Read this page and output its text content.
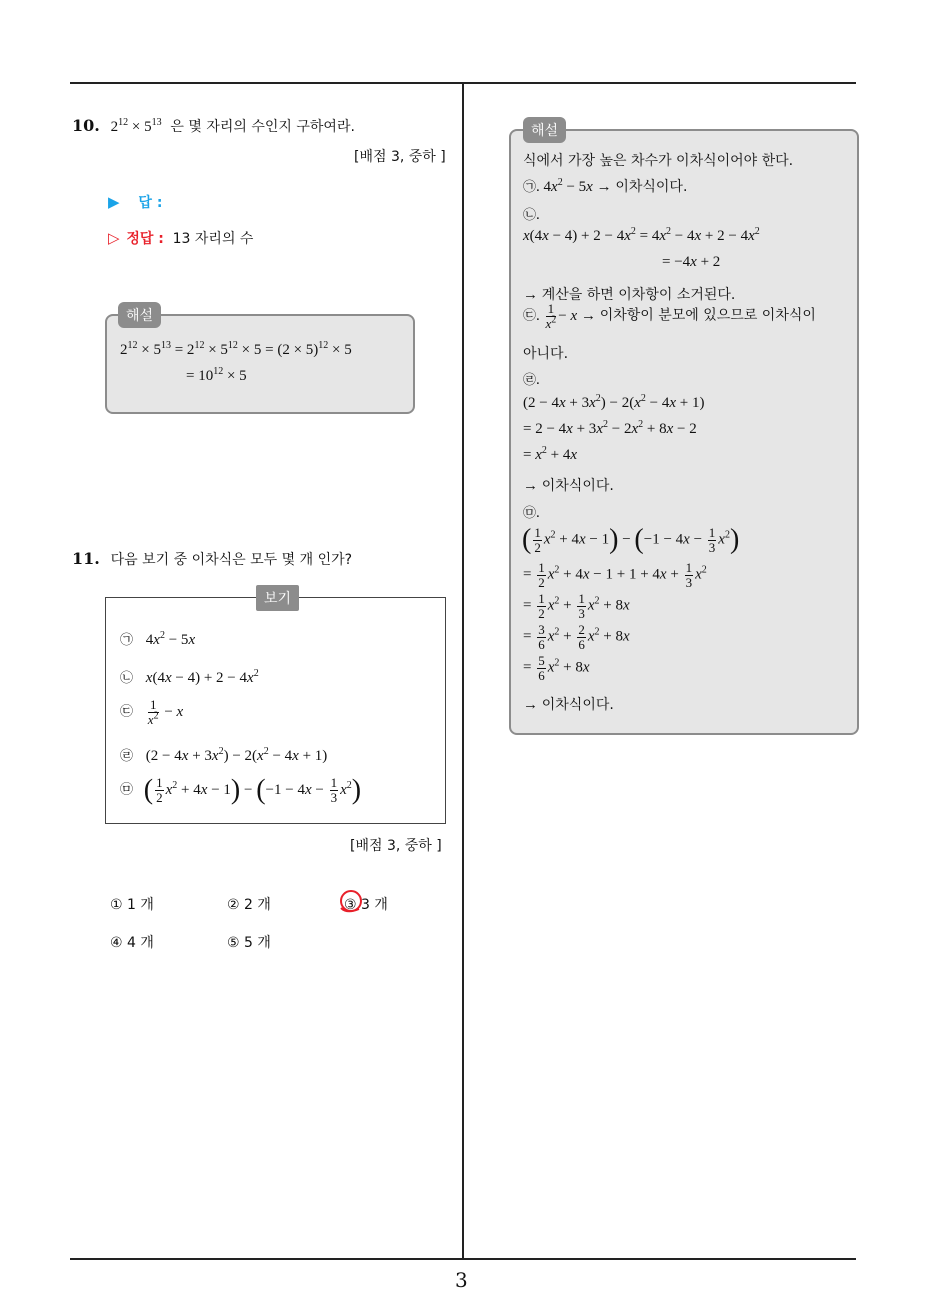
3
10. $2^{12} \times 5^{13}$ 은 몇 자리의 수인지 구하여라.
[배점 3, 중하 ]
▶ 답 :
▷ 정답 : 13 자리의 수
해설
$2^{12} \times 5^{13} = 2^{12} \times 5^{12} \times 5 = (2 \times 5)^{12} \times 5$
= $10^{12} \times 5$
11. 다음 보기 중 이차식은 모두 몇 개 인가?
보기
㉠ $4x^2 - 5x$
㉡ $x(4x - 4) + 2 - 4x^2$
㉢ $\frac{1}{x^2} - x$
㉣ $(2 - 4x + 3x^2) - 2(x^2 - 4x + 1)$
㉤ ( $\frac{1}{2} x^2 + 4x - 1) - (-1 - 4x - \frac{1}{3} x^2)$
[배점 3, 중하 ]
① 1 개	② 2 개	③ 3 개
④ 4 개	⑤ 5 개
해설
식에서 가장 높은 차수가 이차식이어야 한다.
㉠. $4x^2 - 5x$ → 이차식이다.
㉡.
$x(4x - 4) + 2 - 4x^2 = 4x^2 - 4x + 2 - 4x^2$
= −4x + 2
→ 계산을 하면 이차항이 소거된다.
㉢. $\frac{1}{x^2} - x$ → 이차항이 분모에 있으므로 이차식이
아니다.
㉣.
$(2 - 4x + 3x^2) - 2(x^2 - 4x + 1)$
= $2 - 4x + 3x^2 - 2x^2 + 8x - 2$
= $x^2 + 4x$
→ 이차식이다.
㉤.
( $\frac{1}{2} x^2 + 4x - 1) - (-1 - 4x - \frac{1}{3} x^2)$
= $\frac{1}{2} x^2 + 4x - 1 + 1 + 4x + \frac{1}{3} x^2$
= $\frac{1}{2} x^2 + \frac{1}{3} x^2 + 8x$
= $\frac{3}{6} x^2 + \frac{2}{6} x^2 + 8x$
= $\frac{5}{6} x^2 + 8x$
→ 이차식이다.
